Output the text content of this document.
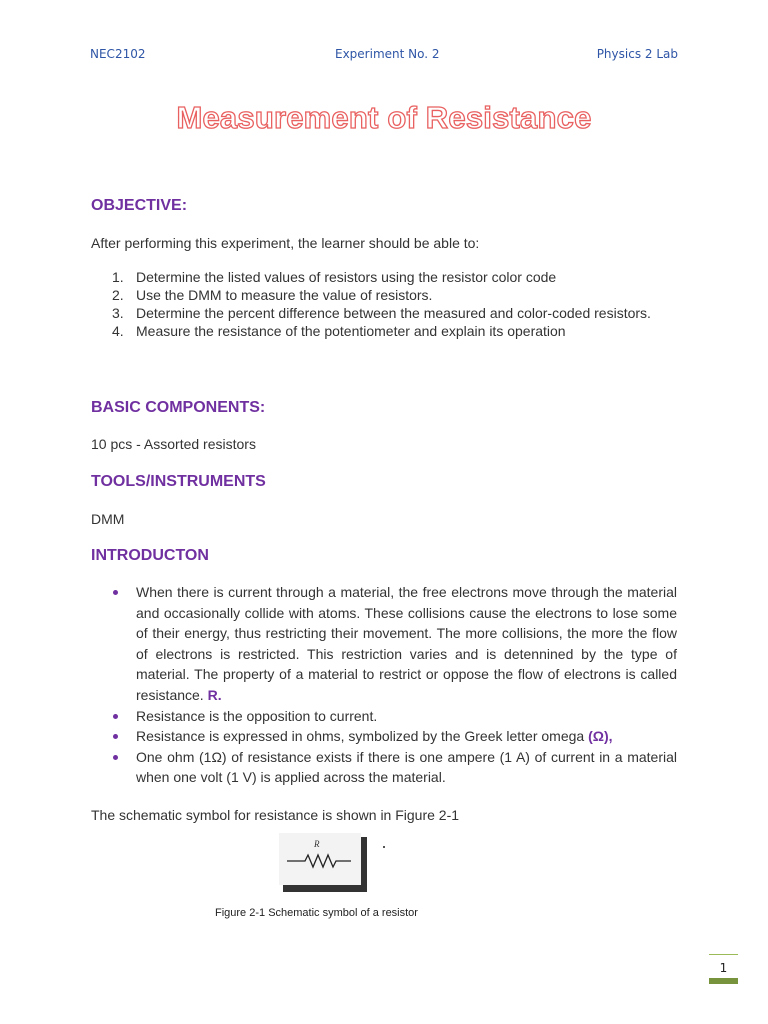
NEC2102	Experiment No. 2	Physics 2 Lab
Measurement of Resistance
OBJECTIVE:
After performing this experiment, the learner should be able to:
1. Determine the listed values of resistors using the resistor color code
2. Use the DMM to measure the value of resistors.
3. Determine the percent difference between the measured and color-coded resistors.
4. Measure the resistance of the potentiometer and explain its operation
BASIC COMPONENTS:
10 pcs - Assorted resistors
TOOLS/INSTRUMENTS
DMM
INTRODUCTON
When there is current through a material, the free electrons move through the material and occasionally collide with atoms. These collisions cause the electrons to lose some of their energy, thus restricting their movement. The more collisions, the more the flow of electrons is restricted. This restriction varies and is detennined by the type of material. The property of a material to restrict or oppose the flow of electrons is called resistance. R.
Resistance is the opposition to current.
Resistance is expressed in ohms, symbolized by the Greek letter omega (Ω),
One ohm (1Ω) of resistance exists if there is one ampere (1 A) of current in a material when one volt (1 V) is applied across the material.
The schematic symbol for resistance is shown in Figure 2-1
R
Figure 2-1 Schematic symbol of a resistor
1
